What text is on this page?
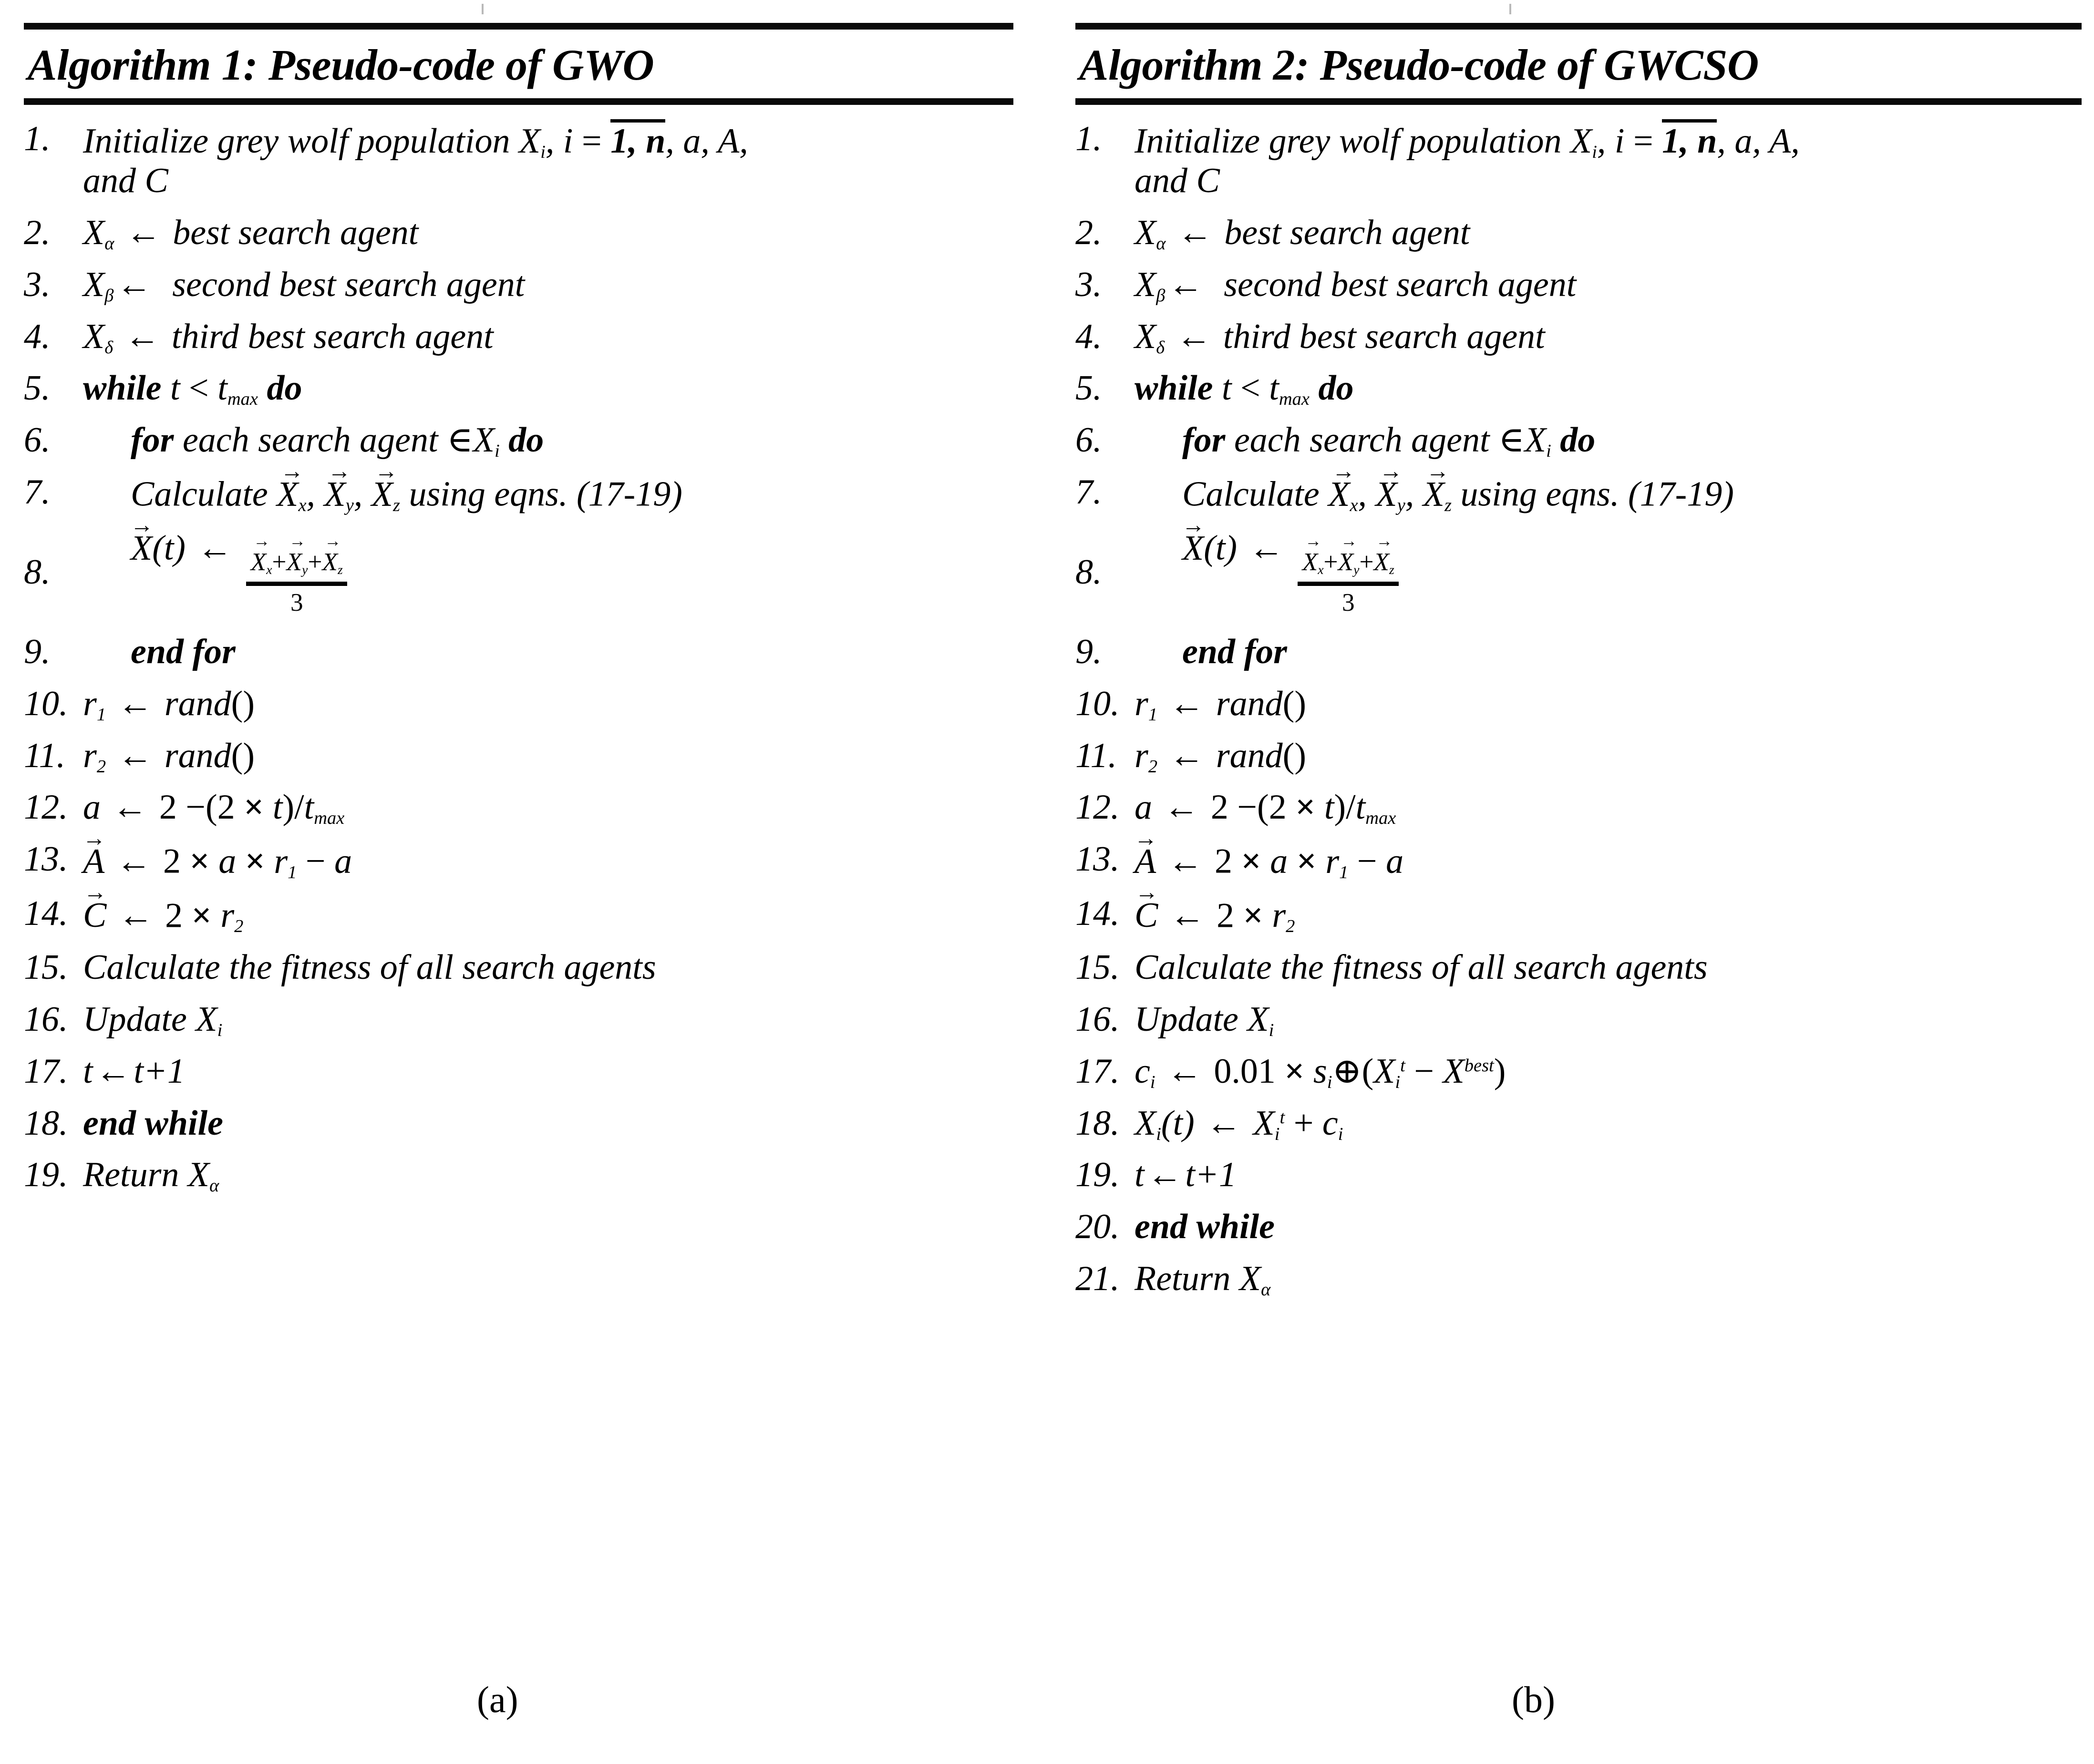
Algorithm 1: Pseudo-code of GWO
1. Initialize grey wolf population $X_i$, i = 1, n, a, A,
and C
2. $X_\alpha$ ← best search agent
3. $X_\beta\leftarrow$ second best search agent
4. $X_\delta$ ← third best search agent
5. while $t < t_{max}$ do
6.	for each search agent $\in X_i$ do
7.	Calculate $X_x$ →, $X_y$ →, $X_z \to using$ eqns. (17-19)
8.
X →(t) ← $X_x \to+X_y \to+X_z$ →
3
9.	end for
10. $r_1$ ← rand()
11. $r_2$ ← rand()
12. a ← $2 -(2 \times t)/t_{max}$
13. A → ← $2 \times a \times r_1 - a$
14. C → ← $2 \times r_2$
15. Calculate the fitness of all search agents
16. Update $X_i$
17. t←t+1
18. end while
19. Return $X_\alpha$
Algorithm 2: Pseudo-code of GWCSO
1. Initialize grey wolf population $X_i$, i = 1, n, a, A,
and C
2. $X_\alpha$ ← best search agent
3. $X_\beta\leftarrow$ second best search agent
4. $X_\delta$ ← third best search agent
5. while $t < t_{max}$ do
6.	for each search agent $\in X_i$ do
7.	Calculate $X_x$ →, $X_y$ →, $X_z \to using$ eqns. (17-19)
8.
X →(t) ← $X_x \to+X_y \to+X_z$ →
3
9.	end for
10. $r_1$ ← rand()
11. $r_2$ ← rand()
12. a ← $2 -(2 \times t)/t_{max}$
13. A → ← $2 \times a \times r_1 - a$
14. C → ← $2 \times r_2$
15. Calculate the fitness of all search agents
16. Update $X_i$
17. $c_i$ ← $0.01 \times s_i\oplus(X_i^t - X^{best})$
18. $X_i(t)$ ← $X_i^t + c_i$
19. t←t+1
20. end while
21. Return $X_\alpha$
(a)	(b)
